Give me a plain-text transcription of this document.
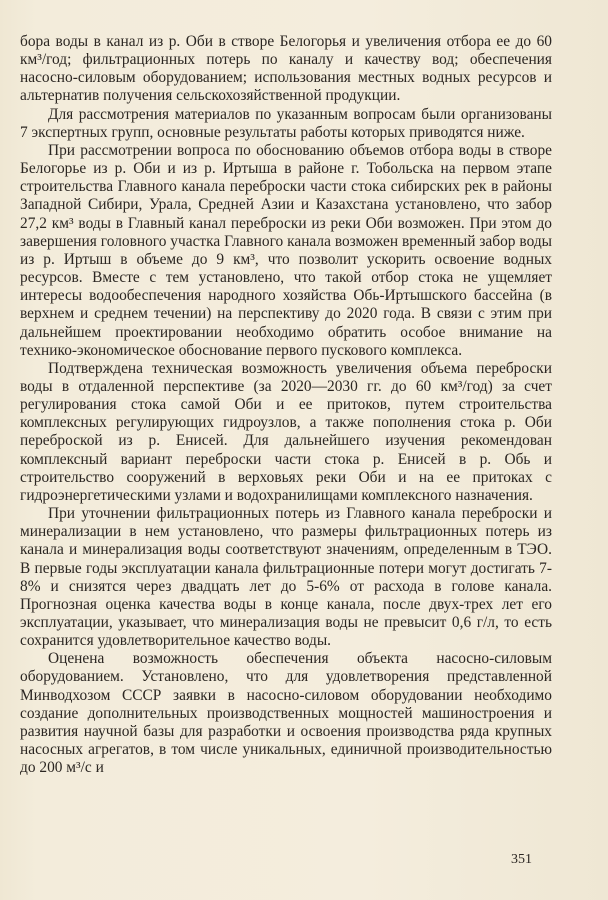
бора воды в канал из р. Оби в створе Белогорья и увеличения отбора ее до 60 км³/год; фильтрационных потерь по каналу и качеству вод; обеспечения насосно-силовым оборудованием; использования местных водных ресурсов и альтернатив получения сельскохозяйственной продукции.

Для рассмотрения материалов по указанным вопросам были организованы 7 экспертных групп, основные результаты работы которых приводятся ниже.

При рассмотрении вопроса по обоснованию объемов отбора воды в створе Белогорье из р. Оби и из р. Иртыша в районе г. Тобольска на первом этапе строительства Главного канала переброски части стока сибирских рек в районы Западной Сибири, Урала, Средней Азии и Казахстана установлено, что забор 27,2 км³ воды в Главный канал переброски из реки Оби возможен. При этом до завершения головного участка Главного канала возможен временный забор воды из р. Иртыш в объеме до 9 км³, что позволит ускорить освоение водных ресурсов. Вместе с тем установлено, что такой отбор стока не ущемляет интересы водообеспечения народного хозяйства Обь-Иртышского бассейна (в верхнем и среднем течении) на перспективу до 2020 года. В связи с этим при дальнейшем проектировании необходимо обратить особое внимание на технико-экономическое обоснование первого пускового комплекса.

Подтверждена техническая возможность увеличения объема переброски воды в отдаленной перспективе (за 2020—2030 гг. до 60 км³/год) за счет регулирования стока самой Оби и ее притоков, путем строительства комплексных регулирующих гидроузлов, а также пополнения стока р. Оби переброской из р. Енисей. Для дальнейшего изучения рекомендован комплексный вариант переброски части стока р. Енисей в р. Обь и строительство сооружений в верховьях реки Оби и на ее притоках с гидроэнергетическими узлами и водохранилищами комплексного назначения.

При уточнении фильтрационных потерь из Главного канала переброски и минерализации в нем установлено, что размеры фильтрационных потерь из канала и минерализация воды соответствуют значениям, определенным в ТЭО. В первые годы эксплуатации канала фильтрационные потери могут достигать 7-8% и снизятся через двадцать лет до 5-6% от расхода в голове канала. Прогнозная оценка качества воды в конце канала, после двух-трех лет его эксплуатации, указывает, что минерализация воды не превысит 0,6 г/л, то есть сохранится удовлетворительное качество воды.

Оценена возможность обеспечения объекта насосно-силовым оборудованием. Установлено, что для удовлетворения представленной Минводхозом СССР заявки в насосно-силовом оборудовании необходимо создание дополнительных производственных мощностей машиностроения и развития научной базы для разработки и освоения производства ряда крупных насосных агрегатов, в том числе уникальных, единичной производительностью до 200 м³/с и

351
